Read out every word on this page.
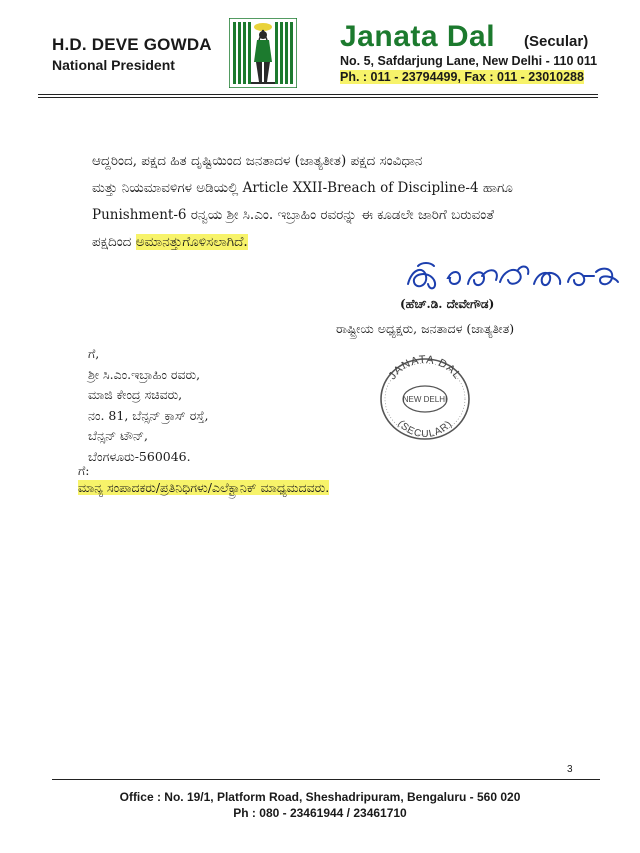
H.D. DEVE GOWDA
National President
Janata Dal (Secular)
No. 5, Safdarjung Lane, New Delhi - 110 011
Ph. : 011 - 23794499, Fax : 011 - 23010288
ಆದ್ದರಿಂದ, ಪಕ್ಷದ ಹಿತ ದೃಷ್ಟಿಯಿಂದ ಜನತಾದಳ (ಜಾತ್ಯತೀತ) ಪಕ್ಷದ ಸಂವಿಧಾನ
ಮತ್ತು ನಿಯಮಾವಳಿಗಳ ಅಡಿಯಲ್ಲಿ Article XXII-Breach of Discipline-4 ಹಾಗೂ
Punishment-6 ರನ್ವಯ ಶ್ರೀ ಸಿ.ಎಂ. ಇಬ್ರಾಹಿಂ ರವರನ್ನು ಈ ಕೂಡಲೇ ಜಾರಿಗೆ ಬರುವಂತೆ
ಪಕ್ಷದಿಂದ ಅಮಾನತ್ತುಗೊಳಿಸಲಾಗಿದೆ.
(ಹೆಚ್.ಡಿ. ದೇವೇಗೌಡ)
ರಾಷ್ಟ್ರೀಯ ಅಧ್ಯಕ್ಷರು, ಜನತಾದಳ (ಜಾತ್ಯತೀತ)
ಗೆ,
ಶ್ರೀ ಸಿ.ಎಂ.ಇಬ್ರಾಹಿಂ ರವರು,
ಮಾಜಿ ಕೇಂದ್ರ ಸಚಿವರು,
ನಂ. 81, ಬೆನ್ಸನ್ ಕ್ರಾಸ್ ರಸ್ತೆ,
ಬೆನ್ಸನ್ ಟೌನ್,
ಬೆಂಗಳೂರು-560046.
JANATA DAL
NEW DELHI
(SECULAR)
ಗೆ:
ಮಾನ್ಯ ಸಂಪಾದಕರು/ಪ್ರತಿನಿಧಿಗಳು/ಎಲೆಕ್ಟ್ರಾನಿಕ್ ಮಾಧ್ಯಮದವರು.
3
Office : No. 19/1, Platform Road, Sheshadripuram, Bengaluru - 560 020
Ph : 080 - 23461944 / 23461710
